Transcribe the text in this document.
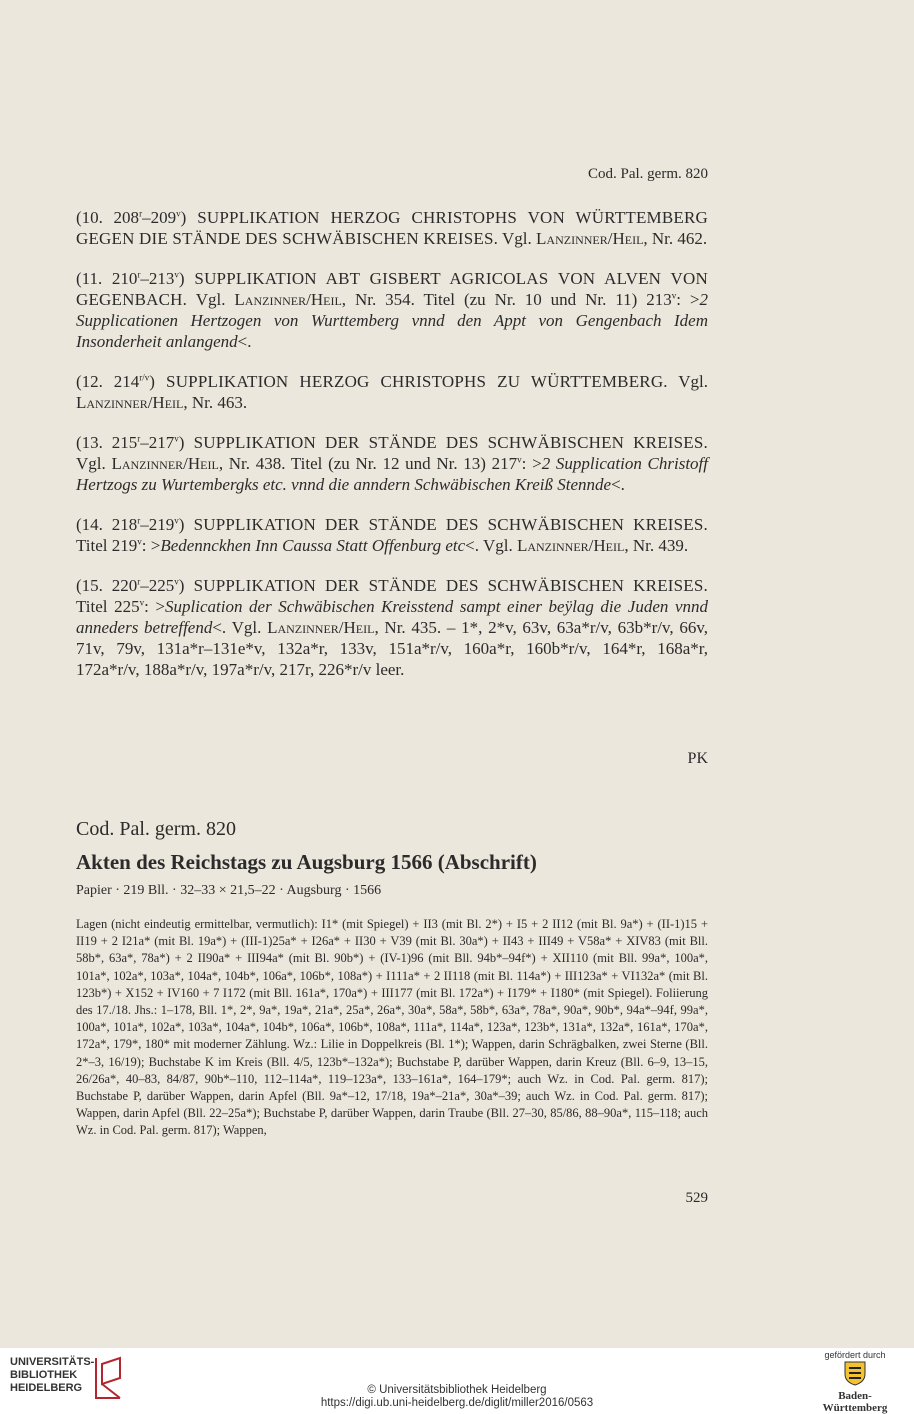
Cod. Pal. germ. 820

(10. 208$^r$–209$^v$) SUPPLIKATION HERZOG CHRISTOPHS VON WÜRTTEMBERG GEGEN DIE STÄNDE DES SCHWÄBISCHEN KREISES. Vgl. Lanzinner/Heil, Nr. 462.

(11. 210$^r$–213$^v$) SUPPLIKATION ABT GISBERT AGRICOLAS VON ALVEN VON GEGENBACH. Vgl. Lanzinner/Heil, Nr. 354. Titel (zu Nr. 10 und Nr. 11) $213^v$: >2 Supplicationen Hertzogen von Wurttemberg vnnd den Appt von Gengenbach Idem Insonderheit anlangend<.

(12. $214^{r/v}$) SUPPLIKATION HERZOG CHRISTOPHS ZU WÜRTTEMBERG. Vgl. Lanzinner/Heil, Nr. 463.

(13. 215$^r$–217$^v$) SUPPLIKATION DER STÄNDE DES SCHWÄBISCHEN KREISES. Vgl. Lanzinner/Heil, Nr. 438. Titel (zu Nr. 12 und Nr. 13) $217^v$: >2 Supplication Christoff Hertzogs zu Wurtembergks etc. vnnd die anndern Schwäbischen Kreiß Stennde<.

(14. 218$^r$–219$^v$) SUPPLIKATION DER STÄNDE DES SCHWÄBISCHEN KREISES. Titel $219^v$: >Bedennckhen Inn Caussa Statt Offenburg etc<. Vgl. Lanzinner/Heil, Nr. 439.

(15. 220$^r$–225$^v$) SUPPLIKATION DER STÄNDE DES SCHWÄBISCHEN KREISES. Titel $225^v$: >Suplication der Schwäbischen Kreisstend sampt einer beÿlag die Juden vnnd anneders betreffend<. Vgl. Lanzinner/Heil, Nr. 435. – 1*, 2*v, 63v, 63a*r/v, 63b*r/v, 66v, 71v, 79v, 131a*r–131e*v, 132a*r, 133v, 151a*r/v, 160a*r, 160b*r/v, 164*r, 168a*r, 172a*r/v, 188a*r/v, 197a*r/v, 217r, 226*r/v leer.

PK
Cod. Pal. germ. 820
Akten des Reichstags zu Augsburg 1566 (Abschrift)
Papier · 219 Bll. · 32–33 × 21,5–22 · Augsburg · 1566
Lagen (nicht eindeutig ermittelbar, vermutlich): I1* (mit Spiegel) + II3 (mit Bl. 2*) + I5 + 2 II12 (mit Bl. 9a*) + (II-1)15 + II19 + 2 I21a* (mit Bl. 19a*) + (III-1)25a* + I26a* + II30 + V39 (mit Bl. 30a*) + II43 + III49 + V58a* + XIV83 (mit Bll. 58b*, 63a*, 78a*) + 2 II90a* + III94a* (mit Bl. 90b*) + (IV-1)96 (mit Bll. 94b*–94f*) + XII110 (mit Bll. 99a*, 100a*, 101a*, 102a*, 103a*, 104a*, 104b*, 106a*, 106b*, 108a*) + I111a* + 2 II118 (mit Bl. 114a*) + III123a* + VI132a* (mit Bl. 123b*) + X152 + IV160 + 7 I172 (mit Bll. 161a*, 170a*) + III177 (mit Bl. 172a*) + I179* + I180* (mit Spiegel). Foliierung des 17./18. Jhs.: 1–178, Bll. 1*, 2*, 9a*, 19a*, 21a*, 25a*, 26a*, 30a*, 58a*, 58b*, 63a*, 78a*, 90a*, 90b*, 94a*–94f, 99a*, 100a*, 101a*, 102a*, 103a*, 104a*, 104b*, 106a*, 106b*, 108a*, 111a*, 114a*, 123a*, 123b*, 131a*, 132a*, 161a*, 170a*, 172a*, 179*, 180* mit moderner Zählung. Wz.: Lilie in Doppelkreis (Bl. 1*); Wappen, darin Schrägbalken, zwei Sterne (Bll. 2*–3, 16/19); Buchstabe K im Kreis (Bll. 4/5, 123b*–132a*); Buchstabe P, darüber Wappen, darin Kreuz (Bll. 6–9, 13–15, 26/26a*, 40–83, 84/87, 90b*–110, 112–114a*, 119–123a*, 133–161a*, 164–179*; auch Wz. in Cod. Pal. germ. 817); Buchstabe P, darüber Wappen, darin Apfel (Bll. 9a*–12, 17/18, 19a*–21a*, 30a*–39; auch Wz. in Cod. Pal. germ. 817); Wappen, darin Apfel (Bll. 22–25a*); Buchstabe P, darüber Wappen, darin Traube (Bll. 27–30, 85/86, 88–90a*, 115–118; auch Wz. in Cod. Pal. germ. 817); Wappen,
529
UNIVERSITÄTS-
BIBLIOTHEK
HEIDELBERG	© Universitätsbibliothek Heidelberg
https://digi.ub.uni-heidelberg.de/diglit/miller2016/0563
gefördert durch
Baden-Württemberg
